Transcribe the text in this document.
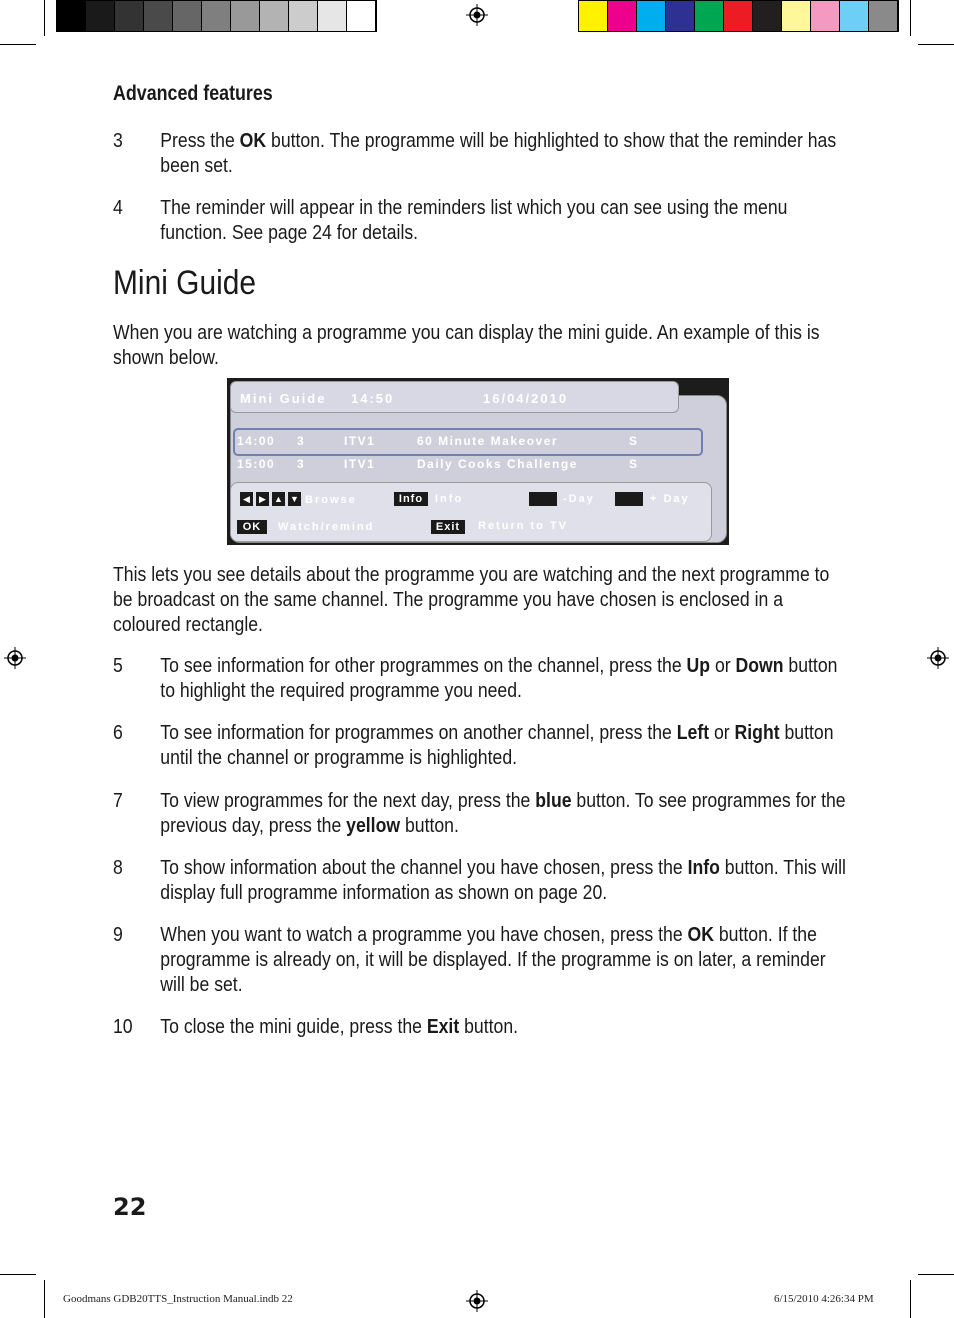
Advanced features
3 Press the OK button. The programme will be highlighted to show that the reminder has been set.
4 The reminder will appear in the reminders list which you can see using the menu function. See page 24 for details.
Mini Guide
When you are watching a programme you can display the mini guide. An example of this is shown below.
Mini Guide 14:50	16/04/2010
14:00 3	ITV1	60 Minute Makeover	S
15:00 3	ITV1	Daily Cooks Challenge	S
◀	▶ ▲ ▼ Browse	Info	Info	-Day	+ Day
OK	Watch/remind	Exit	Return to TV
This lets you see details about the programme you are watching and the next programme to be broadcast on the same channel. The programme you have chosen is enclosed in a coloured rectangle.
5 To see information for other programmes on the channel, press the Up or Down button to highlight the required programme you need.
6 To see information for programmes on another channel, press the Left or Right button until the channel or programme is highlighted.
7 To view programmes for the next day, press the blue button. To see programmes for the previous day, press the yellow button.
8 To show information about the channel you have chosen, press the Info button. This will display full programme information as shown on page 20.
9 When you want to watch a programme you have chosen, press the OK button. If the programme is already on, it will be displayed. If the programme is on later, a reminder will be set.
10 To close the mini guide, press the Exit button.
22
Goodmans GDB20TTS_Instruction Manual.indb 22	6/15/2010 4:26:34 PM
